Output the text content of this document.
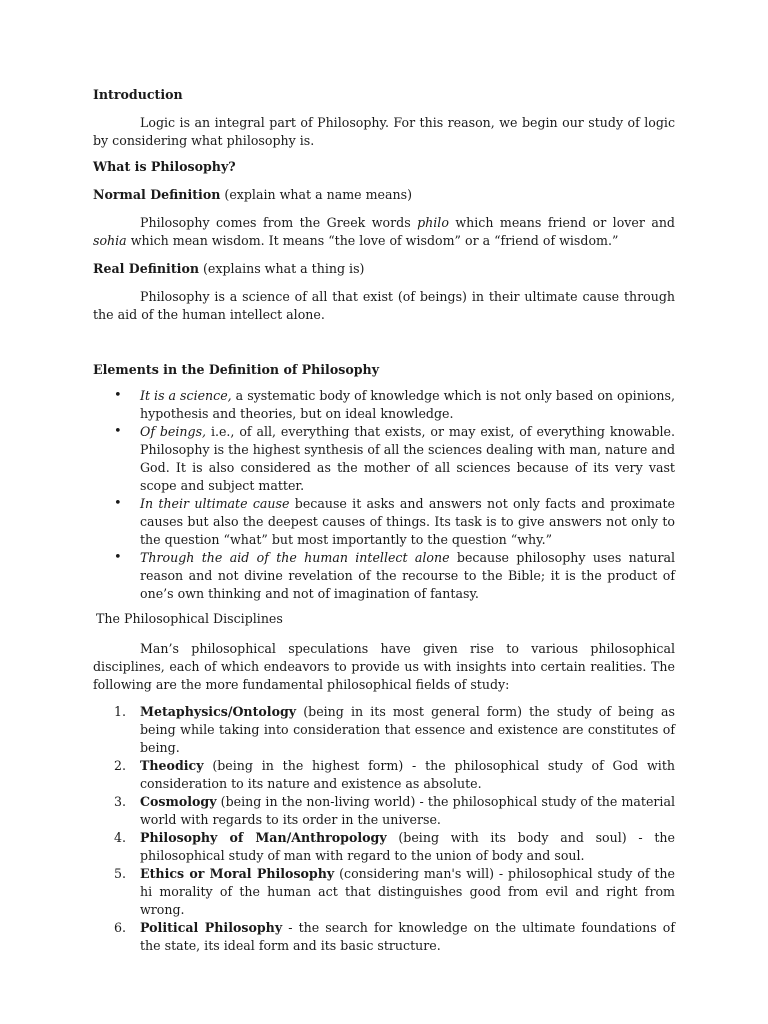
Introduction

Logic is an integral part of Philosophy. For this reason, we begin our study of logic by considering what philosophy is.

What is Philosophy?

Normal Definition (explain what a name means)

Philosophy comes from the Greek words philo which means friend or lover and sohia which mean wisdom. It means “the love of wisdom” or a “friend of wisdom.”

Real Definition (explains what a thing is)

Philosophy is a science of all that exist (of beings) in their ultimate cause through the aid of the human intellect alone.

Elements in the Definition of Philosophy

• It is a science, a systematic body of knowledge which is not only based on opinions, hypothesis and theories, but on ideal knowledge.
• Of beings, i.e., of all, everything that exists, or may exist, of everything knowable. Philosophy is the highest synthesis of all the sciences dealing with man, nature and God. It is also considered as the mother of all sciences because of its very vast scope and subject matter.
• In their ultimate cause because it asks and answers not only facts and proximate causes but also the deepest causes of things. Its task is to give answers not only to the question “what” but most importantly to the question “why.”
• Through the aid of the human intellect alone because philosophy uses natural reason and not divine revelation of the recourse to the Bible; it is the product of one’s own thinking and not of imagination of fantasy.

The Philosophical Disciplines

Man’s philosophical speculations have given rise to various philosophical disciplines, each of which endeavors to provide us with insights into certain realities. The following are the more fundamental philosophical fields of study:

1. Metaphysics/Ontology (being in its most general form) the study of being as being while taking into consideration that essence and existence are constitutes of being.
2. Theodicy (being in the highest form) - the philosophical study of God with consideration to its nature and existence as absolute.
3. Cosmology (being in the non-living world) - the philosophical study of the material world with regards to its order in the universe.
4. Philosophy of Man/Anthropology (being with its body and soul) - the philosophical study of man with regard to the union of body and soul.
5. Ethics or Moral Philosophy (considering man's will) - philosophical study of the hi morality of the human act that distinguishes good from evil and right from wrong.
6. Political Philosophy - the search for knowledge on the ultimate foundations of the state, its ideal form and its basic structure.
